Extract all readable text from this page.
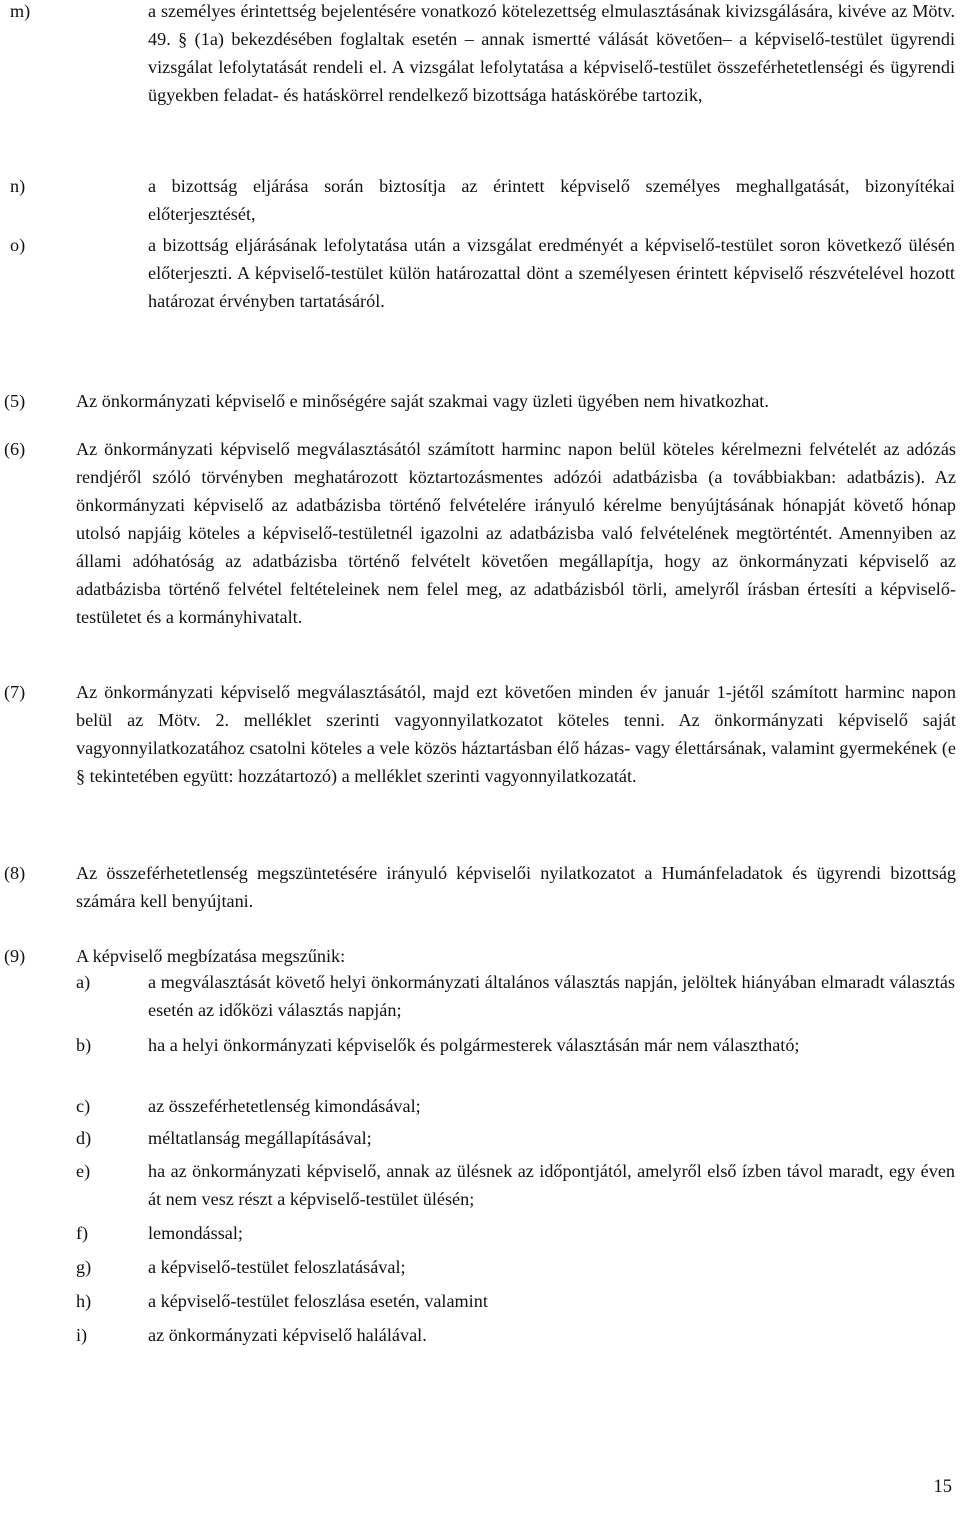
m)	a személyes érintettség bejelentésére vonatkozó kötelezettség elmulasztásának kivizsgálására, kivéve az Mötv. 49. § (1a) bekezdésében foglaltak esetén – annak ismertté válását követően– a képviselő-testület ügyrendi vizsgálat lefolytatását rendeli el. A vizsgálat lefolytatása a képviselő-testület összeférhetetlenségi és ügyrendi ügyekben feladat- és hatáskörrel rendelkező bizottsága hatáskörébe tartozik,
n)	a bizottság eljárása során biztosítja az érintett képviselő személyes meghallgatását, bizonyítékai előterjesztését,
o)	a bizottság eljárásának lefolytatása után a vizsgálat eredményét a képviselő-testület soron következő ülésén előterjeszti. A képviselő-testület külön határozattal dönt a személyesen érintett képviselő részvételével hozott határozat érvényben tartatásáról.
(5)	Az önkormányzati képviselő e minőségére saját szakmai vagy üzleti ügyében nem hivatkozhat.
(6)	Az önkormányzati képviselő megválasztásától számított harminc napon belül köteles kérelmezni felvételét az adózás rendjéről szóló törvényben meghatározott köztartozásmentes adózói adatbázisba (a továbbiakban: adatbázis). Az önkormányzati képviselő az adatbázisba történő felvételére irányuló kérelme benyújtásának hónapját követő hónap utolsó napjáig köteles a képviselő-testületnél igazolni az adatbázisba való felvételének megtörténtét. Amennyiben az állami adóhatóság az adatbázisba történő felvételt követően megállapítja, hogy az önkormányzati képviselő az adatbázisba történő felvétel feltételeinek nem felel meg, az adatbázisból törli, amelyről írásban értesíti a képviselő-testületet és a kormányhivatalt.
(7)	Az önkormányzati képviselő megválasztásától, majd ezt követően minden év január 1-jétől számított harminc napon belül az Mötv. 2. melléklet szerinti vagyonnyilatkozatot köteles tenni. Az önkormányzati képviselő saját vagyonnyilatkozatához csatolni köteles a vele közös háztartásban élő házas- vagy élettársának, valamint gyermekének (e § tekintetében együtt: hozzátartozó) a melléklet szerinti vagyonnyilatkozatát.
(8)	Az összeférhetetlenség megszüntetésére irányuló képviselői nyilatkozatot a Humánfeladatok és ügyrendi bizottság számára kell benyújtani.
(9)	A képviselő megbízatása megszűnik:
a)	a megválasztását követő helyi önkormányzati általános választás napján, jelöltek hiányában elmaradt választás esetén az időközi választás napján;
b)	ha a helyi önkormányzati képviselők és polgármesterek választásán már nem választható;
c)	az összeférhetetlenség kimondásával;
d)	méltatlanság megállapításával;
e)	ha az önkormányzati képviselő, annak az ülésnek az időpontjától, amelyről első ízben távol maradt, egy éven át nem vesz részt a képviselő-testület ülésén;
f)	lemondással;
g)	a képviselő-testület feloszlatásával;
h)	a képviselő-testület feloszlása esetén, valamint
i)	az önkormányzati képviselő halálával.
15
